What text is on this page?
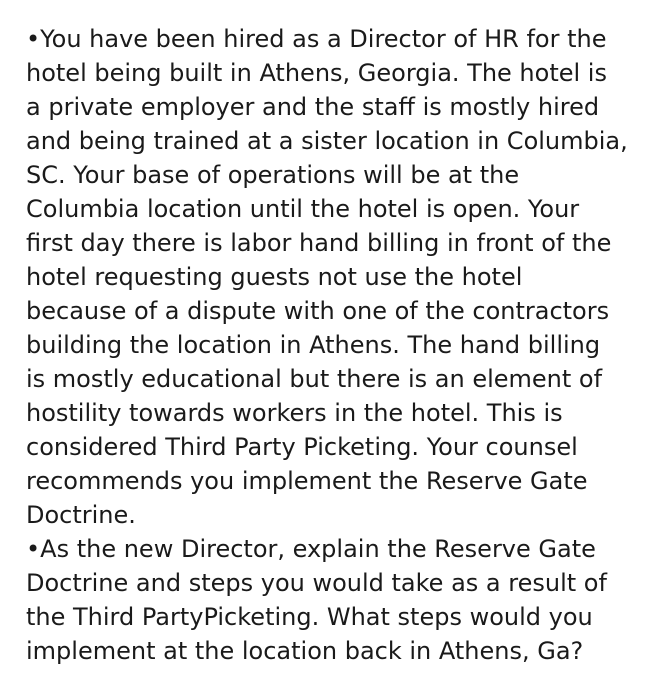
•You have been hired as a Director of HR for the
hotel being built in Athens, Georgia. The hotel is
a private employer and the staff is mostly hired
and being trained at a sister location in Columbia,
SC. Your base of operations will be at the
Columbia location until the hotel is open. Your
first day there is labor hand billing in front of the
hotel requesting guests not use the hotel
because of a dispute with one of the contractors
building the location in Athens. The hand billing
is mostly educational but there is an element of
hostility towards workers in the hotel. This is
considered Third Party Picketing. Your counsel
recommends you implement the Reserve Gate
Doctrine.

•As the new Director, explain the Reserve Gate
Doctrine and steps you would take as a result of
the Third PartyPicketing. What steps would you
implement at the location back in Athens, Ga?
